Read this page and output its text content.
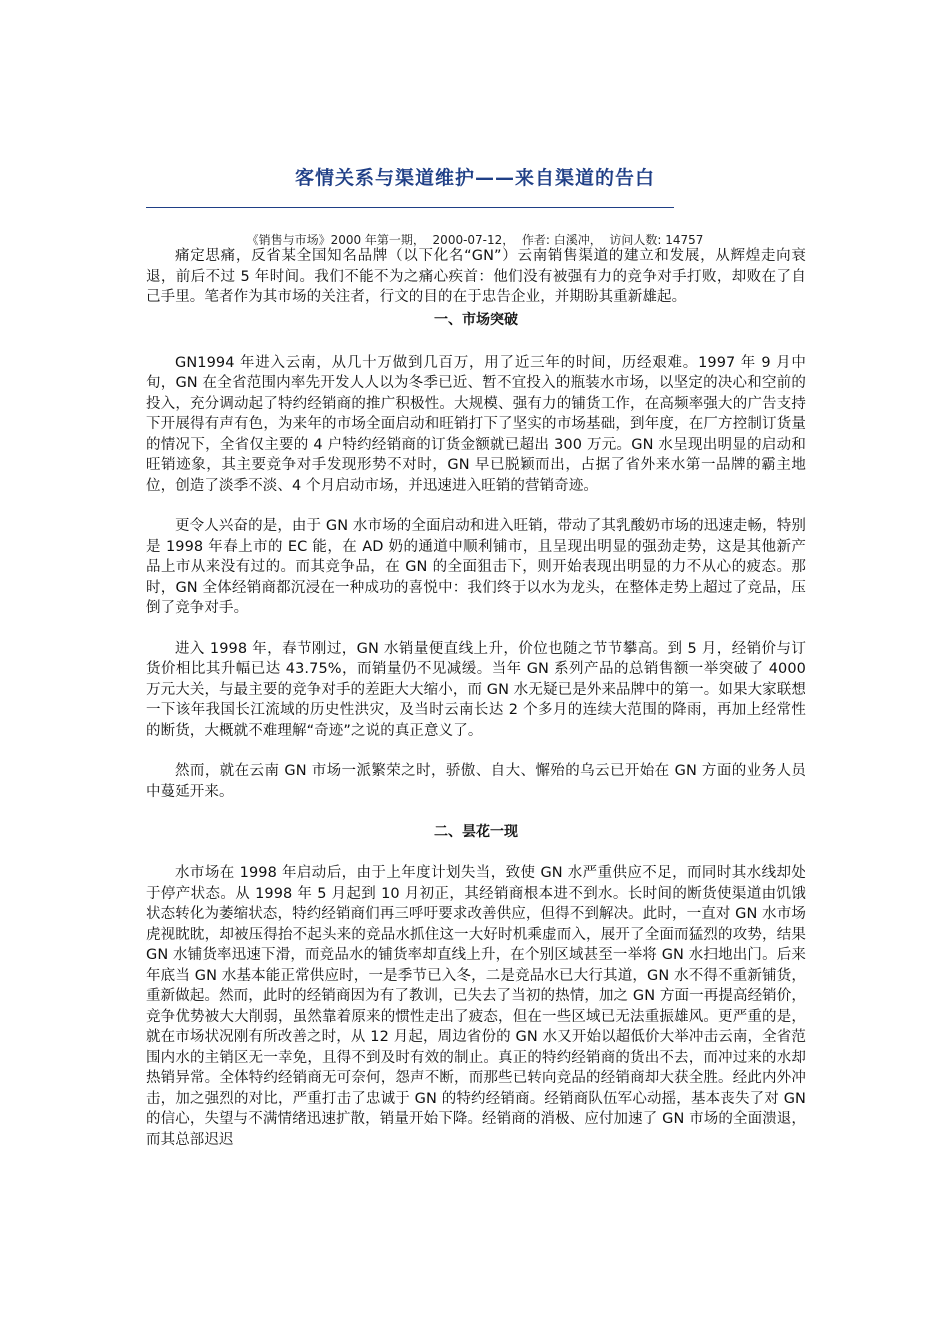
客情关系与渠道维护——来自渠道的告白
《销售与市场》2000 年第一期，  2000-07-12，  作者: 白溪冲，  访问人数: 14757

痛定思痛，反省某全国知名品牌（以下化名“GN”）云南销售渠道的建立和发展，从辉煌走向衰退，前后不过 5 年时间。我们不能不为之痛心疾首：他们没有被强有力的竞争对手打败，却败在了自己手里。笔者作为其市场的关注者，行文的目的在于忠告企业，并期盼其重新雄起。

一、市场突破

GN1994 年进入云南，从几十万做到几百万，用了近三年的时间，历经艰难。1997 年 9 月中旬，GN 在全省范围内率先开发人人以为冬季已近、暂不宜投入的瓶装水市场，以坚定的决心和空前的投入，充分调动起了特约经销商的推广积极性。大规模、强有力的铺货工作，在高频率强大的广告支持下开展得有声有色，为来年的市场全面启动和旺销打下了坚实的市场基础，到年度，在厂方控制订货量的情况下，全省仅主要的 4 户特约经销商的订货金额就已超出 300 万元。GN 水呈现出明显的启动和旺销迹象，其主要竞争对手发现形势不对时，GN 早已脱颖而出，占据了省外来水第一品牌的霸主地位，创造了淡季不淡、4 个月启动市场，并迅速进入旺销的营销奇迹。

更令人兴奋的是，由于 GN 水市场的全面启动和进入旺销，带动了其乳酸奶市场的迅速走畅，特别是 1998 年春上市的 EC 能，在 AD 奶的通道中顺利铺市，且呈现出明显的强劲走势，这是其他新产品上市从来没有过的。而其竞争品，在 GN 的全面狙击下，则开始表现出明显的力不从心的疲态。那时，GN 全体经销商都沉浸在一种成功的喜悦中：我们终于以水为龙头，在整体走势上超过了竞品，压倒了竞争对手。

进入 1998 年，春节刚过，GN 水销量便直线上升，价位也随之节节攀高。到 5 月，经销价与订货价相比其升幅已达 43.75%，而销量仍不见减缓。当年 GN 系列产品的总销售额一举突破了 4000 万元大关，与最主要的竞争对手的差距大大缩小，而 GN 水无疑已是外来品牌中的第一。如果大家联想一下该年我国长江流域的历史性洪灾，及当时云南长达 2 个多月的连续大范围的降雨，再加上经常性的断货，大概就不难理解“奇迹”之说的真正意义了。

然而，就在云南 GN 市场一派繁荣之时，骄傲、自大、懈殆的乌云已开始在 GN 方面的业务人员中蔓延开来。

二、昙花一现

水市场在 1998 年启动后，由于上年度计划失当，致使 GN 水严重供应不足，而同时其水线却处于停产状态。从 1998 年 5 月起到 10 月初正，其经销商根本进不到水。长时间的断货使渠道由饥饿状态转化为萎缩状态，特约经销商们再三呼吁要求改善供应，但得不到解决。此时，一直对 GN 水市场虎视眈眈，却被压得抬不起头来的竞品水抓住这一大好时机乘虚而入，展开了全面而猛烈的攻势，结果 GN 水铺货率迅速下滑，而竞品水的铺货率却直线上升，在个别区域甚至一举将 GN 水扫地出门。后来年底当 GN 水基本能正常供应时，一是季节已入冬，二是竞品水已大行其道，GN 水不得不重新铺货，重新做起。然而，此时的经销商因为有了教训，已失去了当初的热情，加之 GN 方面一再提高经销价，竞争优势被大大削弱，虽然靠着原来的惯性走出了疲态，但在一些区域已无法重振雄风。更严重的是，就在市场状况刚有所改善之时，从 12 月起，周边省份的 GN 水又开始以超低价大举冲击云南，全省范围内水的主销区无一幸免，且得不到及时有效的制止。真正的特约经销商的货出不去，而冲过来的水却热销异常。全体特约经销商无可奈何，怨声不断，而那些已转向竞品的经销商却大获全胜。经此内外冲击，加之强烈的对比，严重打击了忠诚于 GN 的特约经销商。经销商队伍军心动摇，基本丧失了对 GN 的信心，失望与不满情绪迅速扩散，销量开始下降。经销商的消极、应付加速了 GN 市场的全面溃退，而其总部迟迟
